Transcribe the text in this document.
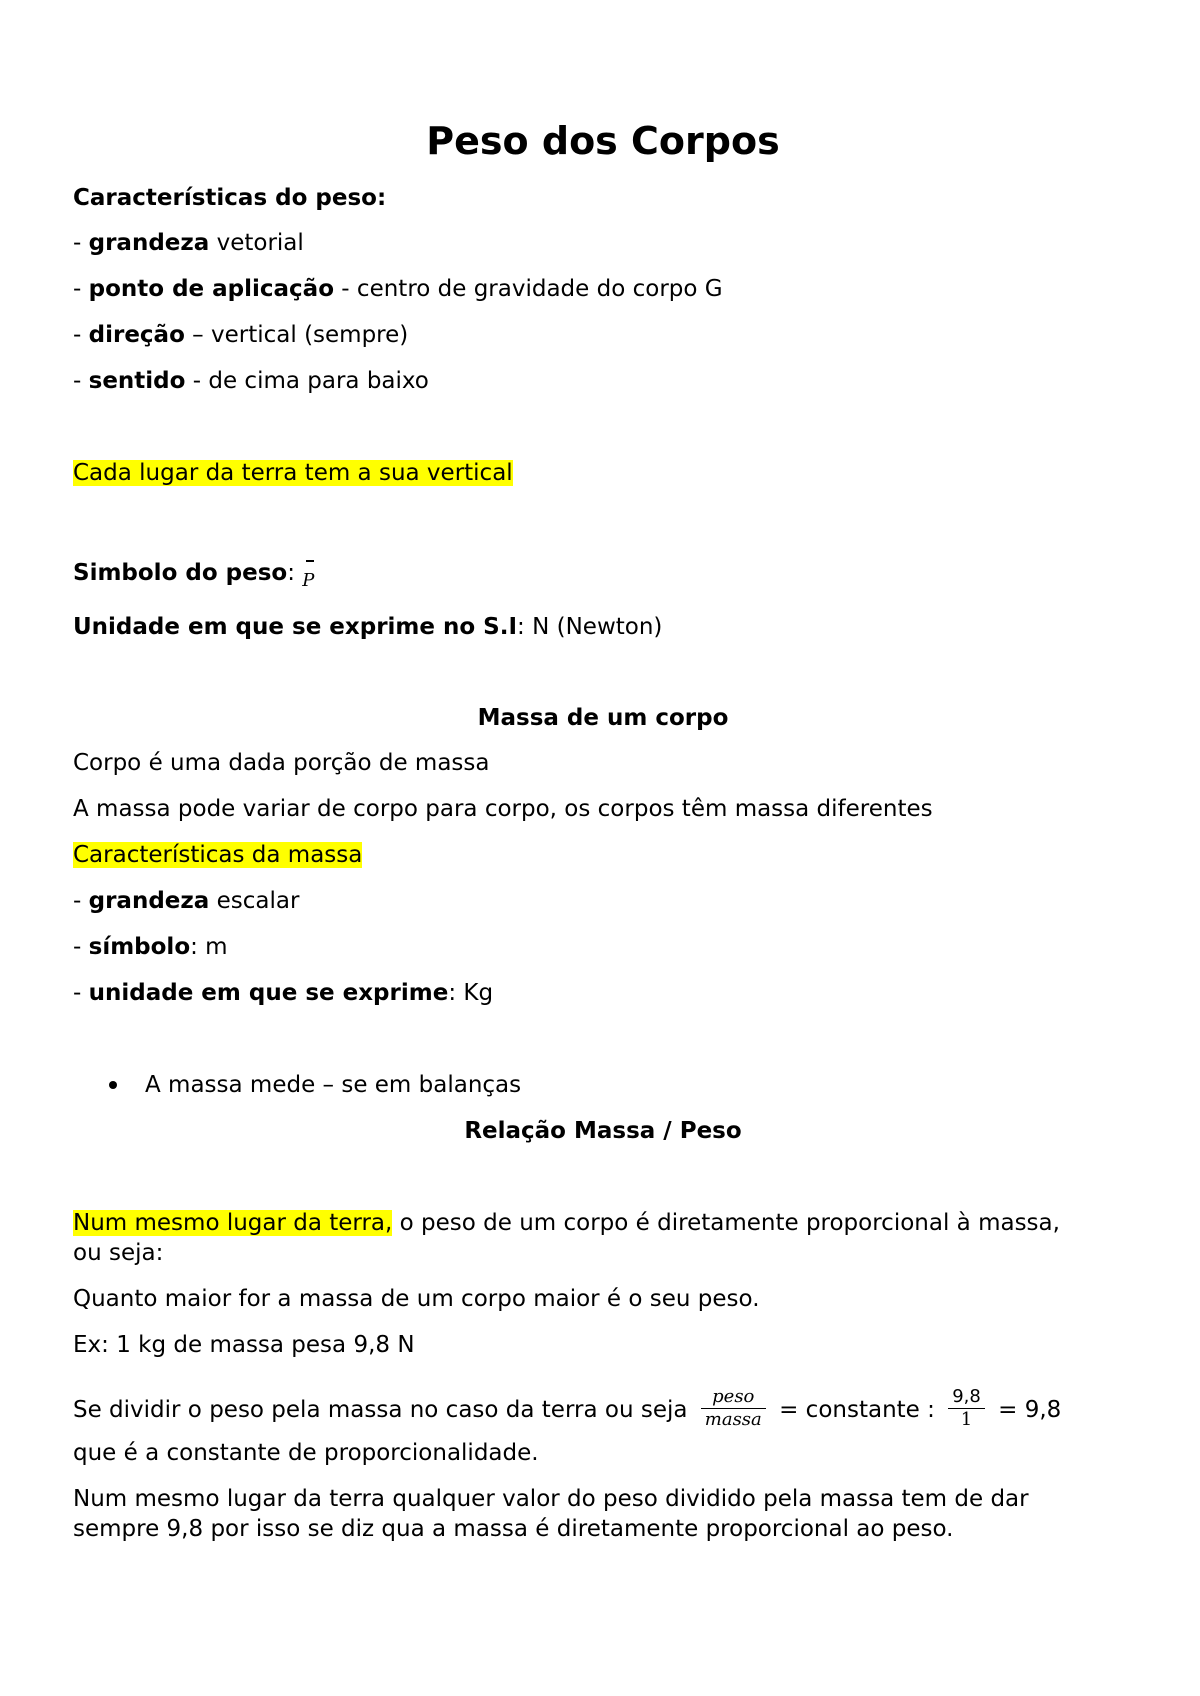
Peso dos Corpos
Características do peso:
- grandeza vetorial
- ponto de aplicação - centro de gravidade do corpo G
- direção – vertical (sempre)
- sentido - de cima para baixo
Cada lugar da terra tem a sua vertical
Simbolo do peso: P
Unidade em que se exprime no S.I: N (Newton)
Massa de um corpo
Corpo é uma dada porção de massa
A massa pode variar de corpo para corpo, os corpos têm massa diferentes
Características da massa
- grandeza escalar
- símbolo: m
- unidade em que se exprime: Kg
A massa mede – se em balanças
Relação Massa / Peso
Num mesmo lugar da terra, o peso de um corpo é diretamente proporcional à massa,
ou seja:
Quanto maior for a massa de um corpo maior é o seu peso.
Ex: 1 kg de massa pesa 9,8 N
Se dividir o peso pela massa no caso da terra ou seja $\frac{\text{peso}}{\text{massa}}$ = constante : $\frac{9,8}{1} = 9,8$
que é a constante de proporcionalidade.
Num mesmo lugar da terra qualquer valor do peso dividido pela massa tem de dar
sempre 9,8 por isso se diz qua a massa é diretamente proporcional ao peso.
